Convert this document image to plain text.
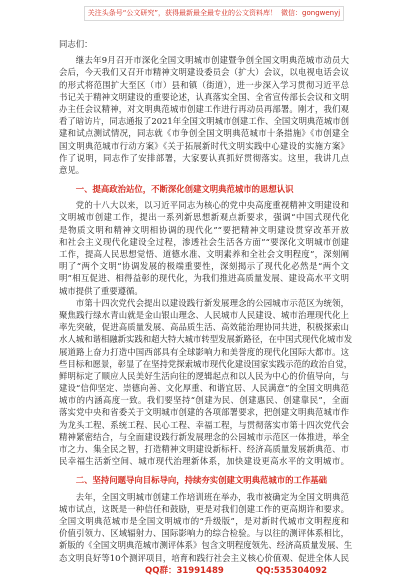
关注头条号“公文研究”，获得最新最全最专业的公文资料库！ 微信：gongwenyj
同志们：
继去年9月召开市深化全国文明城市创建暨争创全国文明典范城市动员大
会后，今天我们又召开市精神文明建设委员会（扩大）会议，以电视电话会议
的形式将范围扩大至区（市）县和镇（街道），进一步深入学习贯彻习近平总
书记关于精神文明建设的重要论述，认真落实全国、全省宣传部长会议和文明
办主任会议精神，对文明典范城市创建工作进行再动员再部署。刚才，我们观
看了暗访片，同志通报了2021年全国文明城市创建工作、全国文明典范城市创
建和试点测试情况，同志就《市争创全国文明典范城市十条措施》《市创建全
国文明典范城市行动方案》《关于拓展新时代文明实践中心建设的实施方案》
作了说明，同志作了安排部署，大家要认真抓好贯彻落实。这里，我讲几点
意见。
一、提高政治站位，不断深化创建文明典范城市的思想认识
党的十八大以来，以习近平同志为核心的党中央高度重视精神文明建设和
文明城市创建工作，提出一系列新思想新观点新要求，强调“中国式现代化
是物质文明和精神文明相协调的现代化”“要把精神文明建设贯穿改革开放
和社会主义现代化建设全过程，渗透社会生活各方面”“要深化文明城市创建
工作，提高人民思想觉悟、道德水准、文明素养和全社会文明程度”，深刻阐
明了“两个文明”协调发展的极端重要性，深刻揭示了现代化必然是“两个文
明”相互促进、相得益彰的现代化，为我们推进高质量发展、建设高水平文明
城市提供了重要遵循。
市第十四次党代会提出以建设践行新发展理念的公园城市示范区为统领，
聚焦践行绿水青山就是金山银山理念、人民城市人民建设、城市治理现代化上
率先突破，促进高质量发展、高品质生活、高效能治理协同共进，积极探索山
水人城和谐相融新实践和超大特大城市转型发展新路径，在中国式现代化城市发
展道路上奋力打造中国西部具有全球影响力和美誉度的现代化国际大都市。这
些目标和愿景，彰显了在坚持党探索城市现代化建设国家实践示范的政治自觉，
鲜明标定了顺应人民美好生活向往的逻辑起点和以人民为中心的价值导向，与
建设“信仰坚定、崇德向善、文化厚重、和谐宜居、人民满意”的全国文明典范
城市的内涵高度一致。我们要坚持“创建为民、创建惠民、创建靠民”，全面
落实党中央和省委关于文明城市创建的各项部署要求，把创建文明典范城市作
为龙头工程、系统工程、民心工程、幸福工程，与贯彻落实市第十四次党代会
精神紧密结合，与全面建设践行新发展理念的公园城市示范区一体推进，举全
市之力、集全民之智，打造精神文明建设新标杆、经济高质量发展新典范、市
民幸福生活新空间、城市现代治理新体系，加快建设更高水平的文明城市。
二、坚持问题导向目标导向，持续夯实创建文明典范城市的工作基础
去年，全国文明城市创建工作培训班在举办，我市被确定为全国文明典范
城市试点，这既是一种信任和鼓励，更是对我们创建工作的更高期许和要求。
全国文明典范城市是全国文明城市的“升级版”，是对新时代城市文明程度和
价值引领力、区域辐射力、国际影响力的综合检验。与以往的测评体系相比，
新版的《全国文明典范城市测评体系》包含文明程度领先、经济高质量发展、生
态文明良好等10个测评项目，培育和践行社会主义核心价值观、促进全体人民
QQ群：31991489	QQ:535304092
